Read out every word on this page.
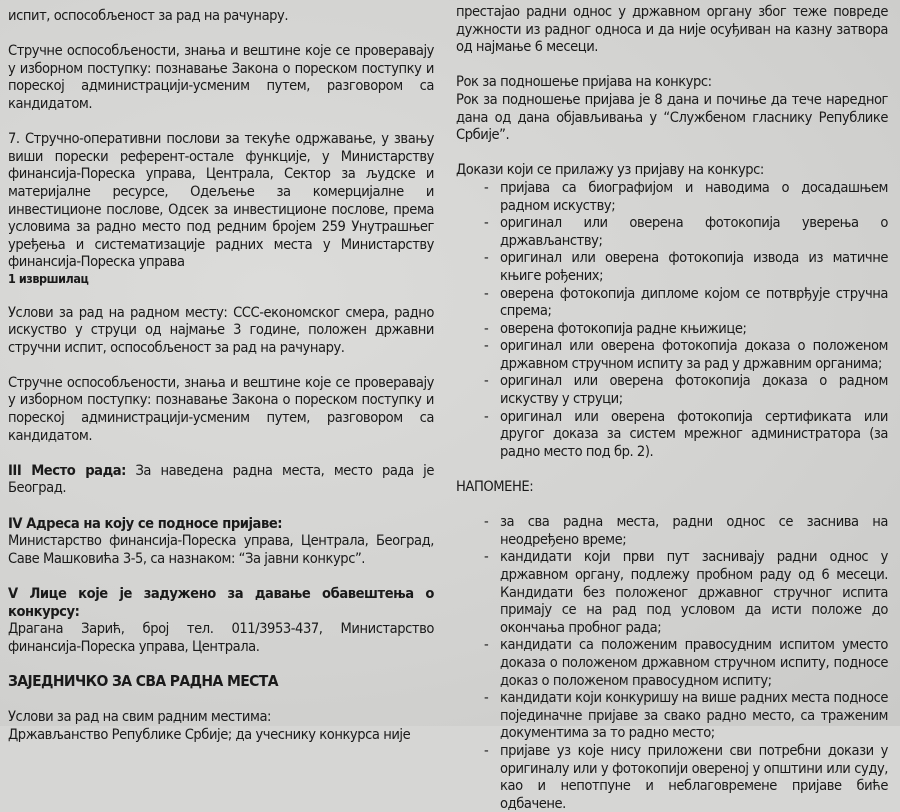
испит, оспособљеност за рад на рачунару.

Стручне оспособљености, знања и вештине које се проверавају у изборном поступку: познавање Закона о пореском поступку и пореској администрацији-усменим путем, разговором са кандидатом.

7. Стручно-оперативни послови за текуће одржавање, у звању виши порески референт-остале функције, у Министарству финансија-Пореска управа, Централа, Сектор за људске и материјалне ресурсе, Одељење за комерцијалне и инвестиционе послове, Одсек за инвестиционе послове, према условима за радно место под редним бројем 259 Унутрашњег уређења и систематизације радних места у Министарству финансија-Пореска управа

1 извршилац

Услови за рад на радном месту: ССС-економског смера, радно искуство у струци од најмање 3 године, положен државни стручни испит, оспособљеност за рад на рачунару.

Стручне оспособљености, знања и вештине које се проверавају у изборном поступку: познавање Закона о пореском поступку и пореској администрацији-усменим путем, разговором са кандидатом.

III Место рада: За наведена радна места, место рада је Београд.

IV Адреса на коју се подносе пријаве:

Министарство финансија-Пореска управа, Централа, Београд, Саве Машковића 3-5, са назнаком: “За јавни конкурс”.

V Лице које је задужено за давање обавештења о конкурсу:

Драгана Зарић, број тел. 011/3953-437, Министарство финансија-Пореска управа, Централа.

ЗАЈЕДНИЧКО ЗА СВА РАДНА МЕСТА

Услови за рад на свим радним местима:

Држављанство Републике Србије; да учеснику конкурса није

престајао радни однос у државном органу због теже повреде дужности из радног односа и да није осуђиван на казну затвора од најмање 6 месеци.

Рок за подношење пријава на конкурс:

Рок за подношење пријава је 8 дана и почиње да тече наредног дана од дана објављивања у “Службеном гласнику Републике Србије”.

Докази који се прилажу уз пријаву на конкурс:

- пријава са биографијом и наводима о досадашњем радном искуству;
- оригинал или оверена фотокопија уверења о држављанству;
- оригинал или оверена фотокопија извода из матичне књиге рођених;
- оверена фотокопија дипломе којом се потврђује стручна спрема;
- оверена фотокопија радне књижице;
- оригинал или оверена фотокопија доказа о положеном државном стручном испиту за рад у државним органима;
- оригинал или оверена фотокопија доказа о радном искуству у струци;
- оригинал или оверена фотокопија сертификата или другог доказа за систем мрежног администратора (за радно место под бр. 2).

НАПОМЕНЕ:

- за сва радна места, радни однос се заснива на неодређено време;
- кандидати који први пут заснивају радни однос у државном органу, подлежу пробном раду од 6 месеци. Кандидати без положеног државног стручног испита примају се на рад под условом да исти положе до окончања пробног рада;
- кандидати са положеним правосудним испитом уместо доказа о положеном државном стручном испиту, подносе доказ о положеном правосудном испиту;
- кандидати који конкуришу на више радних места подносе појединачне пријаве за свако радно место, са траженим документима за то радно место;
- пријаве уз које нису приложени сви потребни докази у оригиналу или у фотокопији овереној у општини или суду, као и непотпуне и неблаговремене пријаве биће одбачене.
